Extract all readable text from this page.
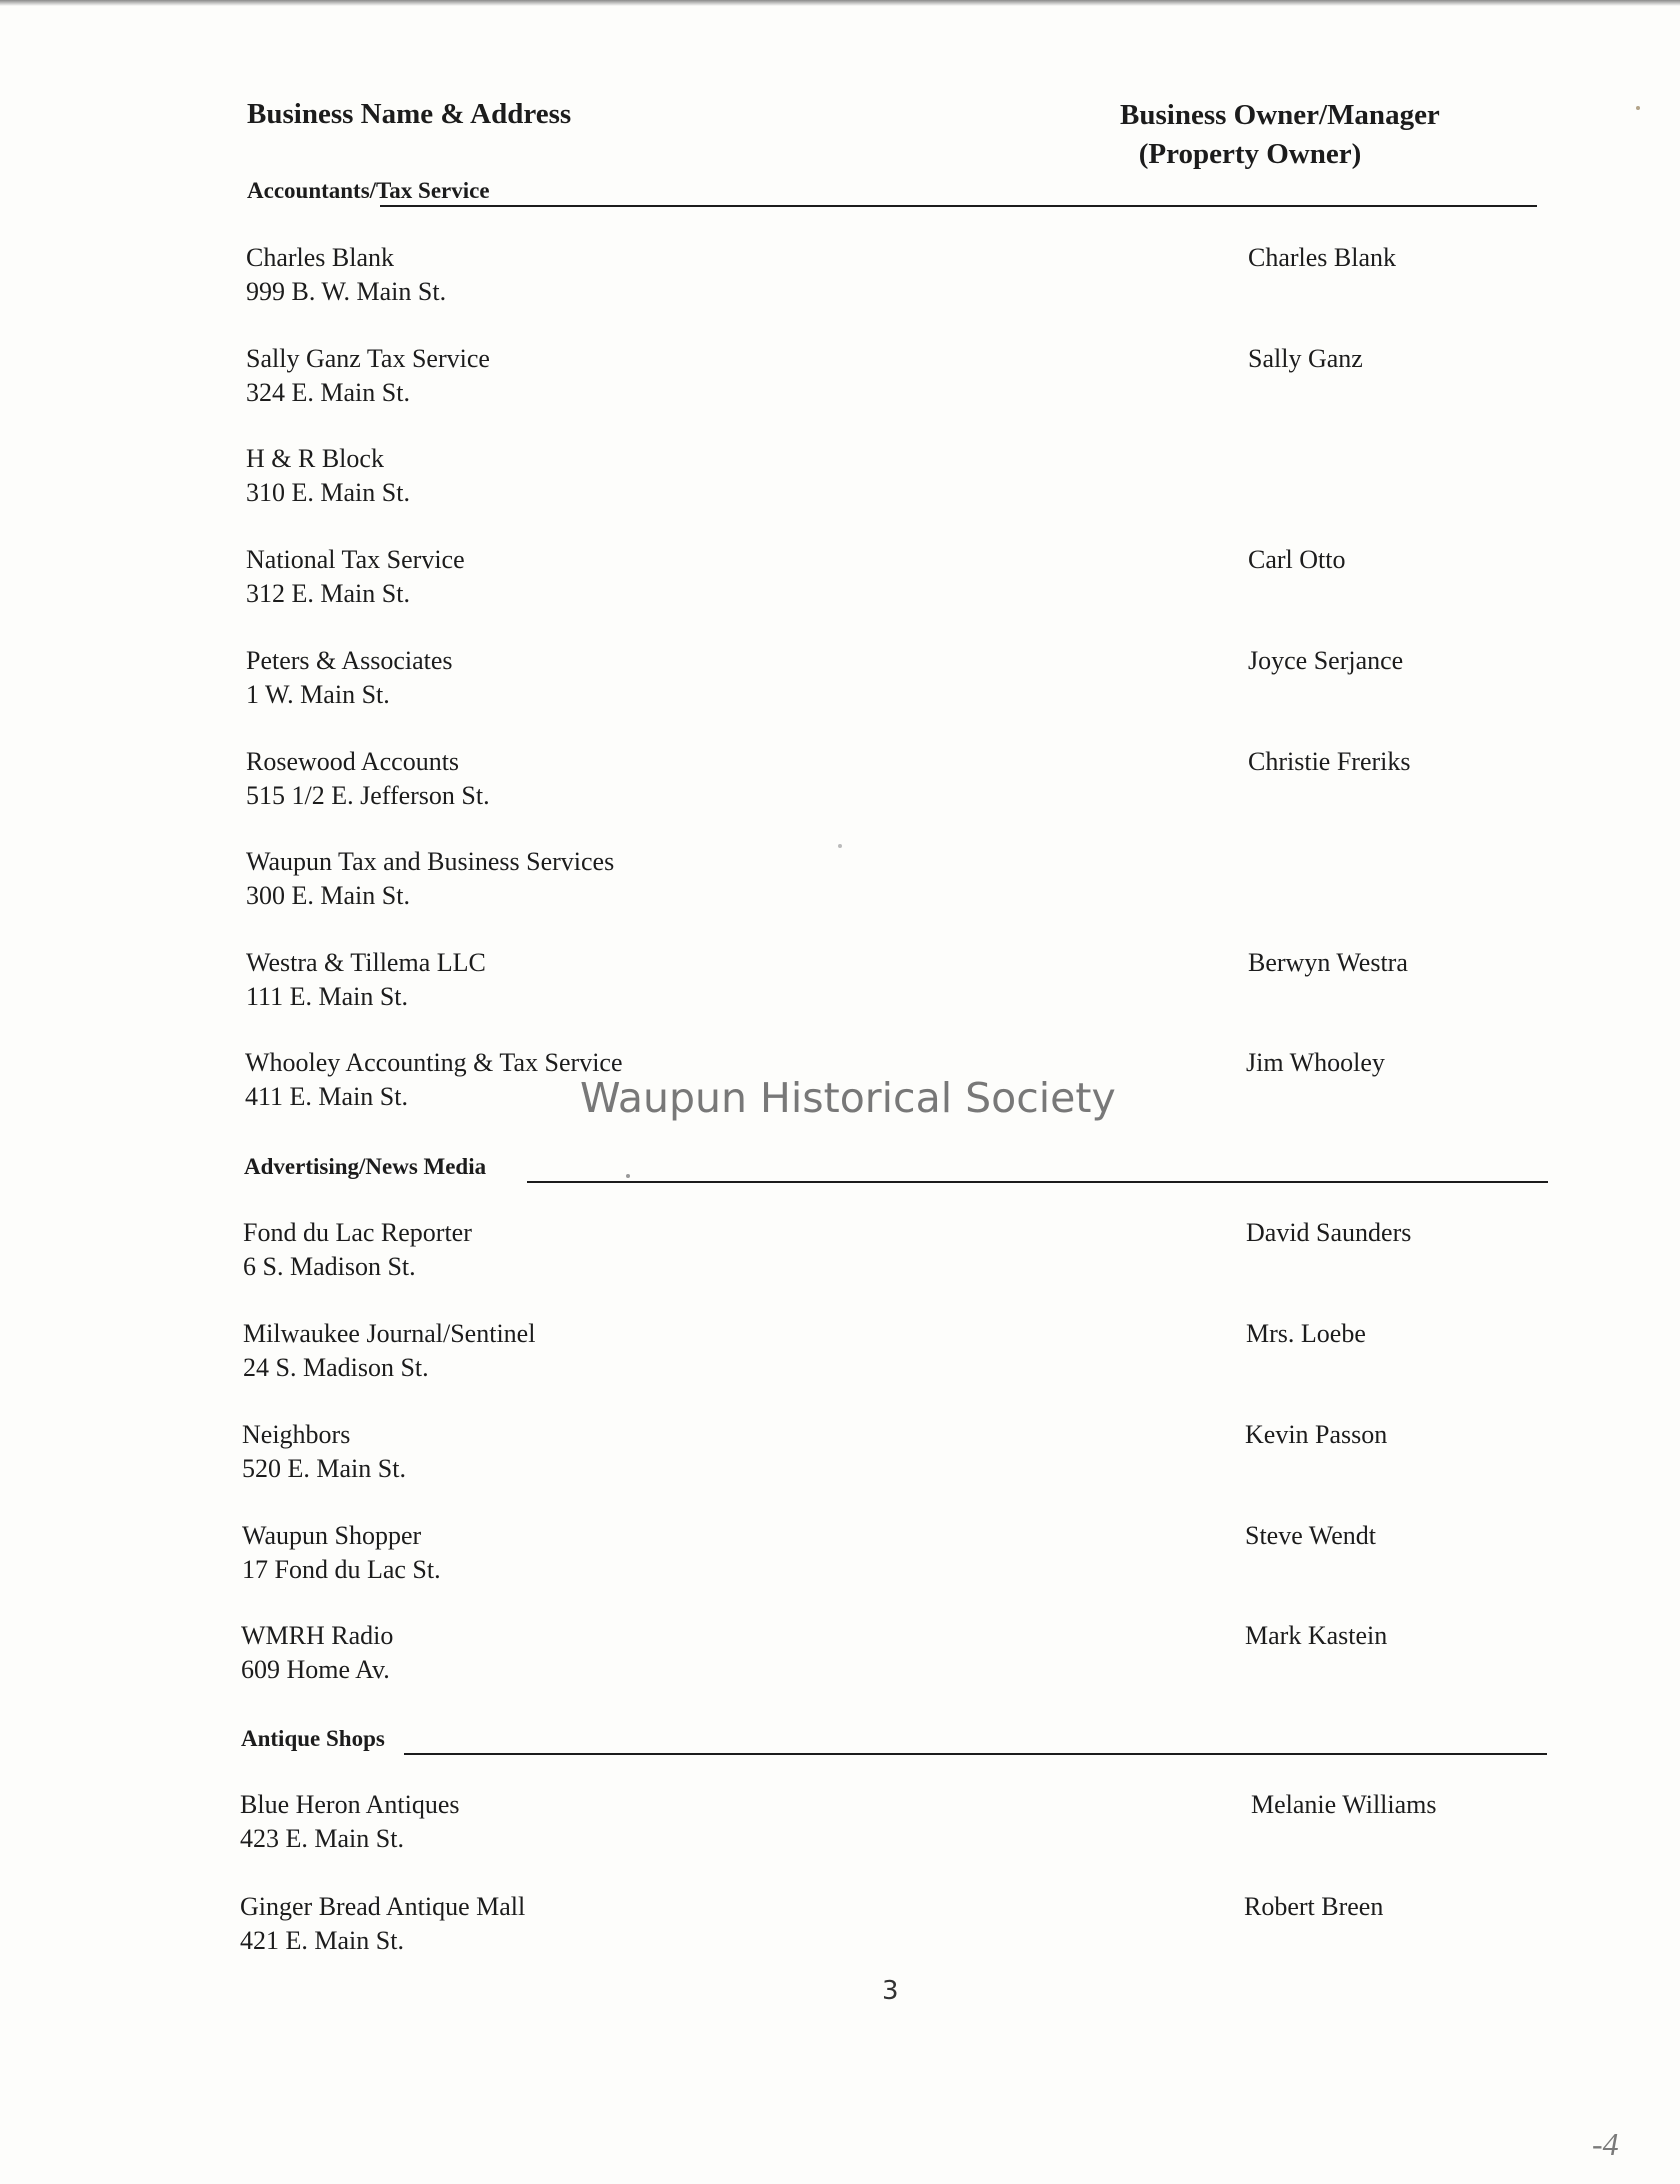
Business Name & Address	Business Owner/Manager
(Property Owner)
Accountants/Tax Service
Charles Blank
999 B. W. Main St.
Charles Blank
Sally Ganz Tax Service
324 E. Main St.
Sally Ganz
H & R Block
310 E. Main St.
National Tax Service
312 E. Main St.
Carl Otto
Peters & Associates
1 W. Main St.
Joyce Serjance
Rosewood Accounts
515 1/2 E. Jefferson St.
Christie Freriks
Waupun Tax and Business Services
300 E. Main St.
Westra & Tillema LLC
111 E. Main St.
Berwyn Westra
Whooley Accounting & Tax Service
411 E. Main St.
Jim Whooley
Advertising/News Media
Fond du Lac Reporter
6 S. Madison St.
David Saunders
Milwaukee Journal/Sentinel
24 S. Madison St.
Mrs. Loebe
Neighbors
520 E. Main St.
Kevin Passon
Waupun Shopper
17 Fond du Lac St.
Steve Wendt
WMRH Radio
609 Home Av.
Mark Kastein
Antique Shops
Blue Heron Antiques
423 E. Main St.
Melanie Williams
Ginger Bread Antique Mall
421 E. Main St.
Robert Breen
Waupun Historical Society
3
-4
